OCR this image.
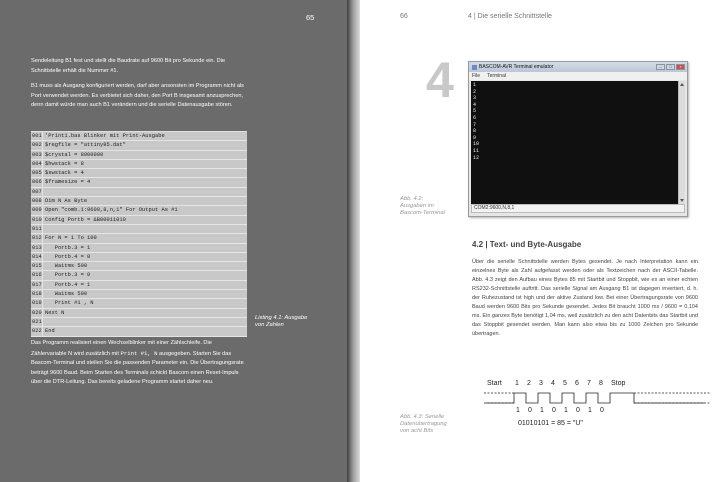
65

Sendeleitung B1 fest und stellt die Baudrate auf 9600 Bit pro Sekunde ein. Die Schnittstelle erhält die Nummer #1.

B1 muss als Ausgang konfiguriert werden, darf aber ansonsten im Programm nicht als Port verwendet werden. Es verbietet sich daher, den Port B insgesamt anzusprechen, denn damit würde man auch B1 verändern und die serielle Datenausgabe stören.

001 'Print1.bas Blinker mit Print-Ausgabe
002 $regfile = "attiny85.dat"
003 $crystal = 8000000
004 $hwstack = 8
005 $swstack = 4
006 $framesize = 4
007
008 Dim N As Byte
009 Open "comb.1:9600,8,n,1" For Output As #1
010 Config Portb = &B00011010
011
012 For N = 1 To 100
013 Portb.3 = 1
014 Portb.4 = 0
015 Waitms 500
016 Portb.3 = 0
017 Portb.4 = 1
018 Waitms 500
019 Print #1 , N
020 Next N
021
022 End
Listing 4.1: Ausgabe
von Zahlen

Das Programm realisiert einen Wechselblinker mit einer Zählschleife. Die Zählervariable N wird zusätzlich mit Print #1, N ausgegeben. Starten Sie das Bascom-Terminal und stellen Sie die passenden Parameter ein. Die Übertragungsrate beträgt 9600 Baud. Beim Starten des Terminals schickt Bascom einen Reset-Impuls über die DTR-Leitung. Das bereits geladene Programm startet daher neu.

66	4 | Die serielle Schnittstelle
4	BASCOM-AVR Terminal emulator	–	□	×
File Terminal
1
2
3
4
5
6
7
8
9
10
11
12
COM2:9600,N,8,1
Abb. 4.2:
Ausgaben im
Bascom-Terminal
4.2 | Text- und Byte-Ausgabe
Über die serielle Schnittstelle werden Bytes gesendet. Je nach Interpretation kann ein einzelnes Byte als Zahl aufgefasst werden oder als Textzeichen nach der ASCII-Tabelle. Abb. 4.3 zeigt den Aufbau eines Bytes 85 mit Startbit und Stoppbit, wie es an einer echten RS232-Schnittstelle auftritt. Das serielle Signal am Ausgang B1 ist dagegen invertiert, d. h. der Ruhezustand ist high und der aktive Zustand low. Bei einer Übertragungsrate von 9600 Baud werden 9600 Bits pro Sekunde gesendet. Jedes Bit braucht 1000 ms / 9600 = 0,104 ms. Ein ganzes Byte benötigt 1,04 ms, weil zusätzlich zu den acht Datenbits das Startbit und das Stoppbit gesendet werden. Man kann also etwa bis zu 1000 Zeichen pro Sekunde übertragen.
Start 1 2 3 4 5 6 7 8 Stop
1 0 1 0 1 0 1 0
01010101 = 85 = "U"
Abb. 4.3: Serielle
Datenübertragung
von acht Bits
